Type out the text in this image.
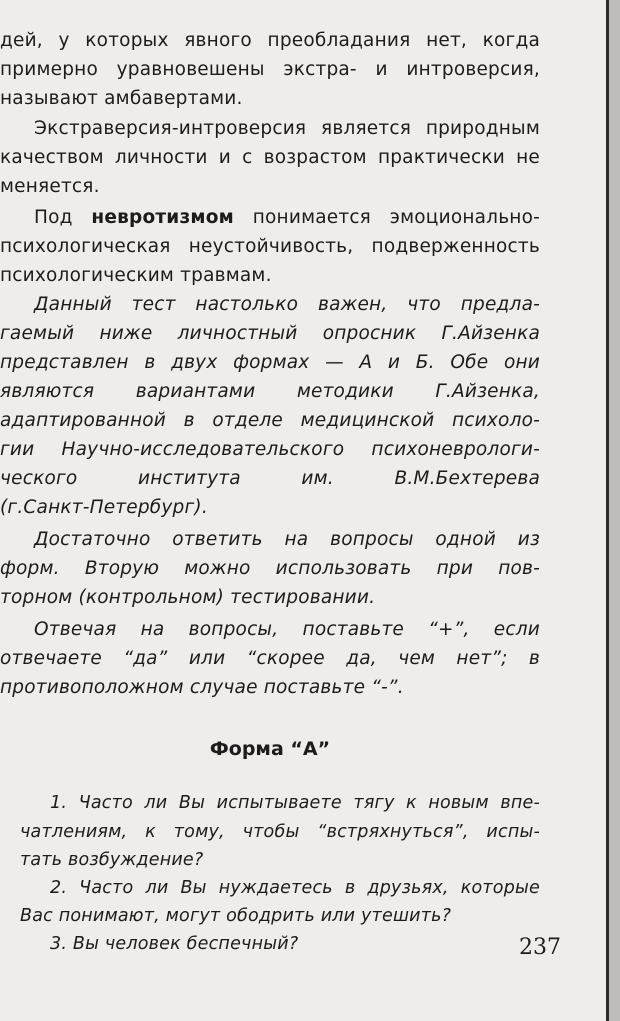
дей, у которых явного преобладания нет, когда

примерно уравновешены экстра- и интроверсия,

называют амбавертами.

Экстраверсия-интроверсия является природным

качеством личности и с возрастом практически не

меняется.

Под невротизмом понимается эмоционально-

психологическая неустойчивость, подверженность

психологическим травмам.

Данный тест настолько важен, что предла-

гаемый ниже личностный опросник Г.Айзенка

представлен в двух формах — А и Б. Обе они

являются вариантами методики Г.Айзенка,

адаптированной в отделе медицинской психоло-

гии Научно-исследовательского психоневрологи-

ческого института им. В.М.Бехтерева

(г.Санкт-Петербург).

Достаточно ответить на вопросы одной из

форм. Вторую можно использовать при пов-

торном (контрольном) тестировании.

Отвечая на вопросы, поставьте “+”, если

отвечаете “да” или “скорее да, чем нет”; в

противоположном случае поставьте “-”.

Форма “А”

1. Часто ли Вы испытываете тягу к новым впе-

чатлениям, к тому, чтобы “встряхнуться”, испы-

тать возбуждение?

2. Часто ли Вы нуждаетесь в друзьях, которые

Вас понимают, могут ободрить или утешить?

3. Вы человек беспечный?	237
